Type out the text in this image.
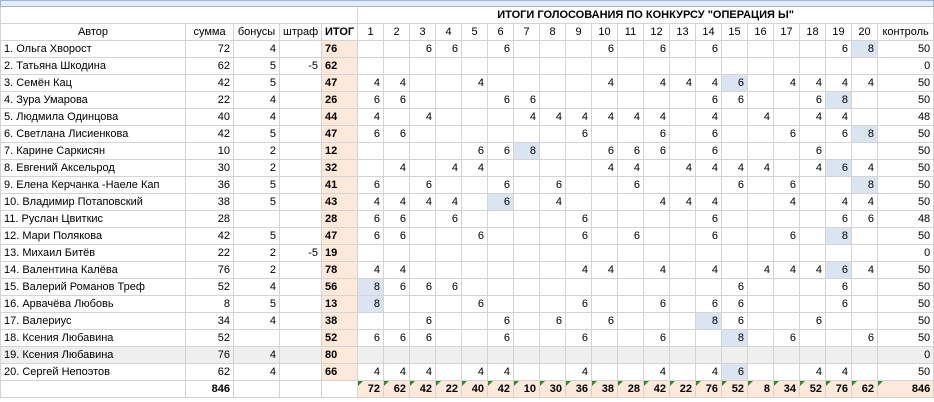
					ИТОГИ ГОЛОСОВАНИЯ ПО КОНКУРСУ "ОПЕРАЦИЯ Ы"																				
Автор	сумма	бонусы	штраф	ИТОГ	1	2	3	4	5	6	7	8	9	10	11	12	13	14	15	16	17	18	19	20	контроль
1. Ольга Хворост	72	4		76			6	6		6				6		6		6					6	8	50
2. Татьяна Шкодина	62	5	-5	62																					0
3. Семён Кац	42	5		47	4	4			4					4		4	4	4	6		4	4	4	4	50
4. Зура Умарова	22	4		26	6	6				6	6							6	6			6	8		50
5. Людмила Одинцова	40	4		44	4		4				4	4	4	4	4	4		4		4		4	4		48
6. Светлана Лисиенкова	42	5		47	6	6							6			6		6			6		6	8	50
7. Карине Саркисян	10	2		12					6	6	8			6	6	6		6				6			50
8. Евгений Аксельрод	30	2		32		4		4	4					4	4		4	4	4	4		4	6	4	50
9. Елена Керчанка -Наеле Кап	36	5		41	6		6			6		6			6				6		6			8	50
10. Владимир Потаповский	38	5		43	4	4	4	4		6		4				4	4	4			4		4	4	50
11. Руслан Цвиткис	28			28	6	6		6					6					6					6	6	48
12. Мари Полякова	42	5		47	6	6			6				6		6			6			6		8		50
13. Михаил Битёв	22	2	-5	19																					0
14. Валентина Калёва	76	2		78	4	4							4	4		4		4		4	4	4	6	4	50
15. Валерий Романов Треф	52	4		56	8	6	6	6											6				6		50
16. Арвачёва Любовь	8	5		13	8				6				6			6		6	6				6		50
17. Валериус	34	4		38			6			6		6		6				8	6			6			50
18. Ксения Любавина	52			52	6	6	6			6			6			6			8		6			6	50
19. Ксения Любавина	76	4		80																					0
20. Сергей Непоэтов	62	4		66	4	4	4		4	4			4			4		4	6			4	4		50
	846				72	62	42	22	40	42	10	30	36	38	28	42	22	76	52	8	34	52	76	62	846
